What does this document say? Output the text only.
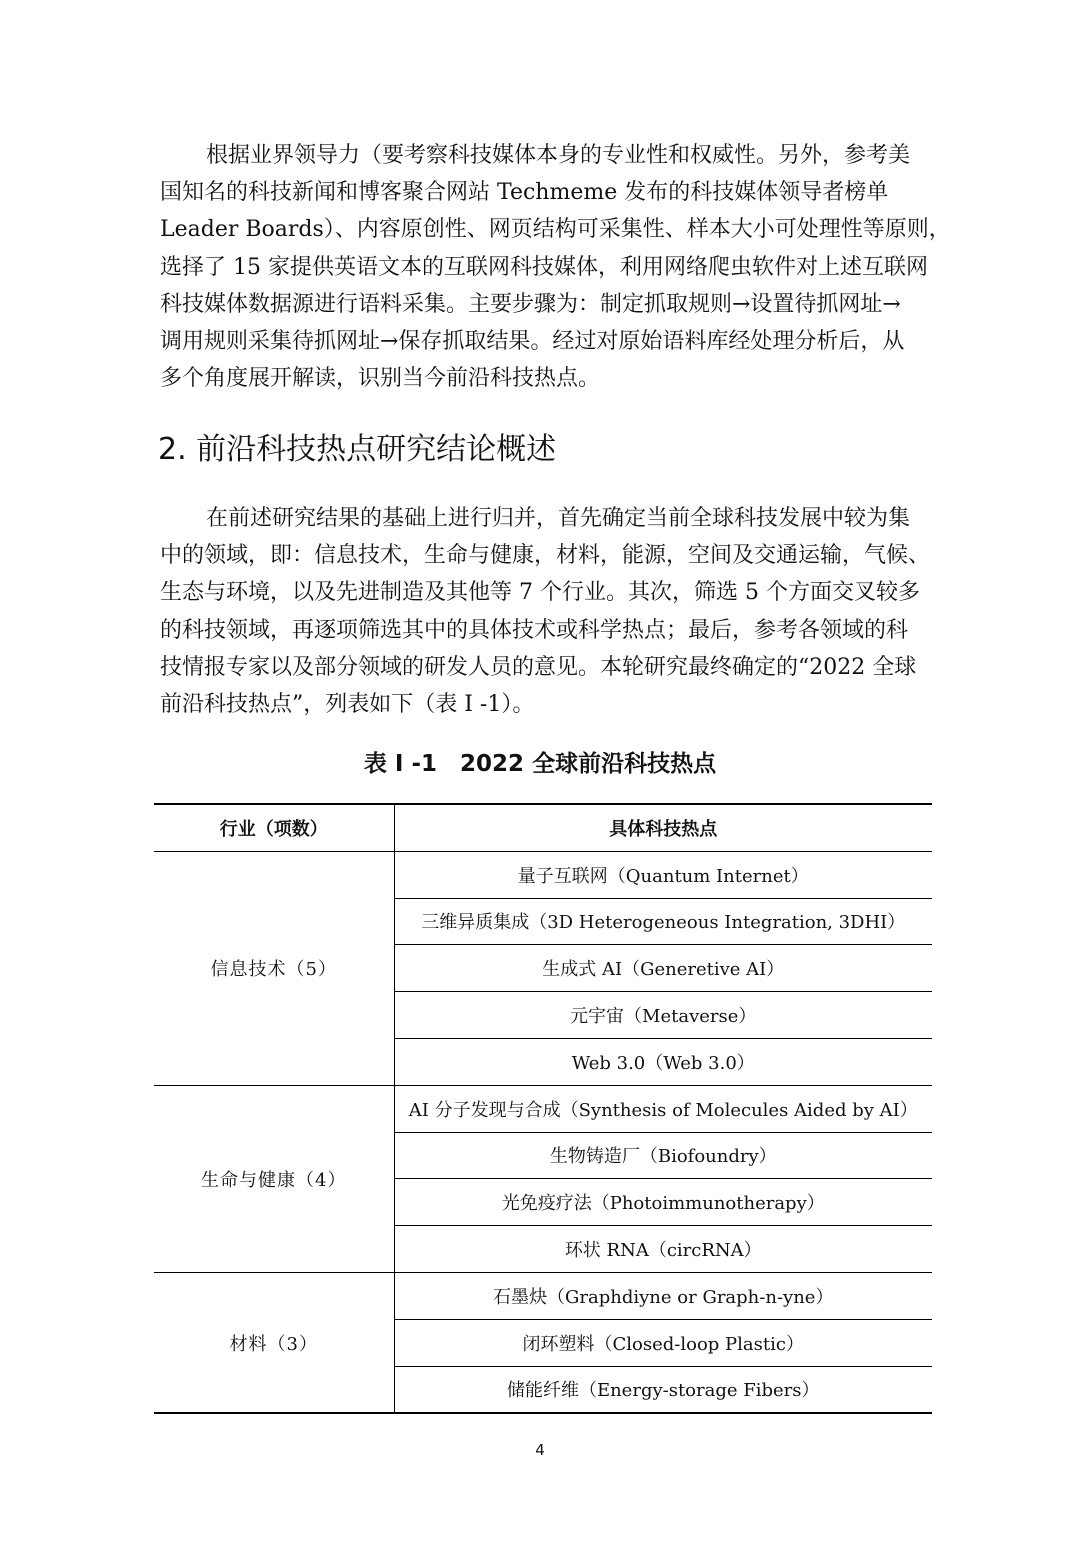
根据业界领导力（要考察科技媒体本身的专业性和权威性。另外，参考美
国知名的科技新闻和博客聚合网站 Techmeme 发布的科技媒体领导者榜单
Leader Boards）、内容原创性、网页结构可采集性、样本大小可处理性等原则，
选择了 15 家提供英语文本的互联网科技媒体，利用网络爬虫软件对上述互联网
科技媒体数据源进行语料采集。主要步骤为：制定抓取规则→设置待抓网址→
调用规则采集待抓网址→保存抓取结果。经过对原始语料库经处理分析后，从
多个角度展开解读，识别当今前沿科技热点。
2. 前沿科技热点研究结论概述
在前述研究结果的基础上进行归并，首先确定当前全球科技发展中较为集
中的领域，即：信息技术，生命与健康，材料，能源，空间及交通运输，气候、
生态与环境，以及先进制造及其他等 7 个行业。其次，筛选 5 个方面交叉较多
的科技领域，再逐项筛选其中的具体技术或科学热点；最后，参考各领域的科
技情报专家以及部分领域的研发人员的意见。本轮研究最终确定的“2022 全球
前沿科技热点”，列表如下（表 I -1）。
表 I -1　2022 全球前沿科技热点
行业（项数）	具体科技热点
信息技术（5）	量子互联网（Quantum Internet）
	三维异质集成（3D Heterogeneous Integration, 3DHI）
	生成式 AI（Generetive AI）
	元宇宙（Metaverse）
	Web 3.0（Web 3.0）
生命与健康（4）	AI 分子发现与合成（Synthesis of Molecules Aided by AI）
	生物铸造厂（Biofoundry）
	光免疫疗法（Photoimmunotherapy）
	环状 RNA（circRNA）
材料（3）	石墨炔（Graphdiyne or Graph-n-yne）
	闭环塑料（Closed-loop Plastic）
	储能纤维（Energy-storage Fibers）
4
